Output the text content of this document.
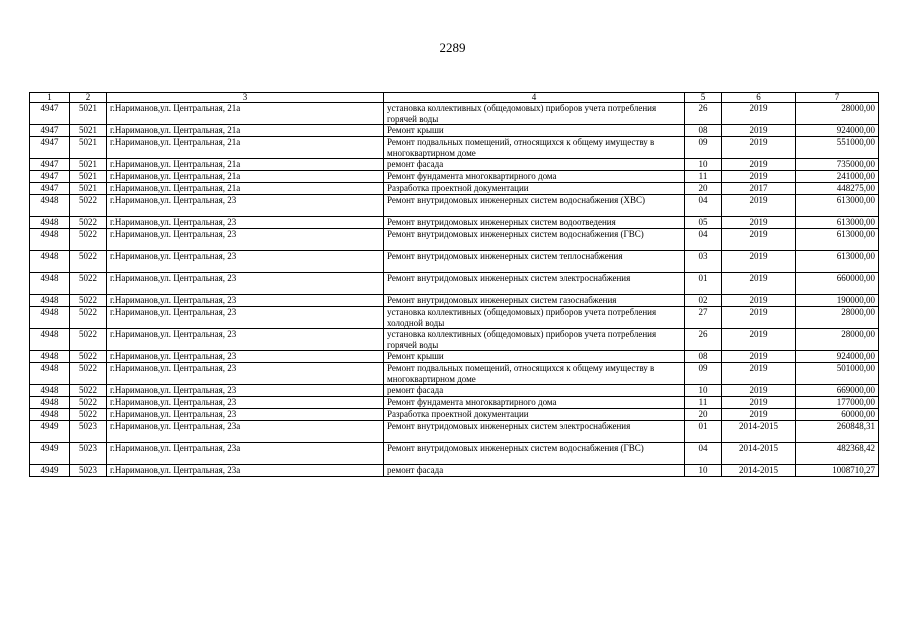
2289
1	2	3	4	5	6	7
4947	5021	г.Нариманов,ул. Центральная, 21а	установка коллективных (общедомовых) приборов учета потребления горячей воды	26	2019	28000,00
4947	5021	г.Нариманов,ул. Центральная, 21а	Ремонт крыши	08	2019	924000,00
4947	5021	г.Нариманов,ул. Центральная, 21а	Ремонт подвальных помещений, относящихся к общему имуществу в многоквартирном доме	09	2019	551000,00
4947	5021	г.Нариманов,ул. Центральная, 21а	ремонт фасада	10	2019	735000,00
4947	5021	г.Нариманов,ул. Центральная, 21а	Ремонт фундамента многоквартирного дома	11	2019	241000,00
4947	5021	г.Нариманов,ул. Центральная, 21а	Разработка проектной документации	20	2017	448275,00
4948	5022	г.Нариманов,ул. Центральная, 23	Ремонт внутридомовых инженерных систем водоснабжения (ХВС)	04	2019	613000,00
4948	5022	г.Нариманов,ул. Центральная, 23	Ремонт внутридомовых инженерных систем водоотведения	05	2019	613000,00
4948	5022	г.Нариманов,ул. Центральная, 23	Ремонт внутридомовых инженерных систем водоснабжения (ГВС)	04	2019	613000,00
4948	5022	г.Нариманов,ул. Центральная, 23	Ремонт внутридомовых инженерных систем теплоснабжения	03	2019	613000,00
4948	5022	г.Нариманов,ул. Центральная, 23	Ремонт внутридомовых инженерных систем электроснабжения	01	2019	660000,00
4948	5022	г.Нариманов,ул. Центральная, 23	Ремонт внутридомовых инженерных систем газоснабжения	02	2019	190000,00
4948	5022	г.Нариманов,ул. Центральная, 23	установка коллективных (общедомовых) приборов учета потребления холодной воды	27	2019	28000,00
4948	5022	г.Нариманов,ул. Центральная, 23	установка коллективных (общедомовых) приборов учета потребления горячей воды	26	2019	28000,00
4948	5022	г.Нариманов,ул. Центральная, 23	Ремонт крыши	08	2019	924000,00
4948	5022	г.Нариманов,ул. Центральная, 23	Ремонт подвальных помещений, относящихся к общему имуществу в многоквартирном доме	09	2019	501000,00
4948	5022	г.Нариманов,ул. Центральная, 23	ремонт фасада	10	2019	669000,00
4948	5022	г.Нариманов,ул. Центральная, 23	Ремонт фундамента многоквартирного дома	11	2019	177000,00
4948	5022	г.Нариманов,ул. Центральная, 23	Разработка проектной документации	20	2019	60000,00
4949	5023	г.Нариманов,ул. Центральная, 23а	Ремонт внутридомовых инженерных систем электроснабжения	01	2014-2015	260848,31
4949	5023	г.Нариманов,ул. Центральная, 23а	Ремонт внутридомовых инженерных систем водоснабжения (ГВС)	04	2014-2015	482368,42
4949	5023	г.Нариманов,ул. Центральная, 23а	ремонт фасада	10	2014-2015	1008710,27
